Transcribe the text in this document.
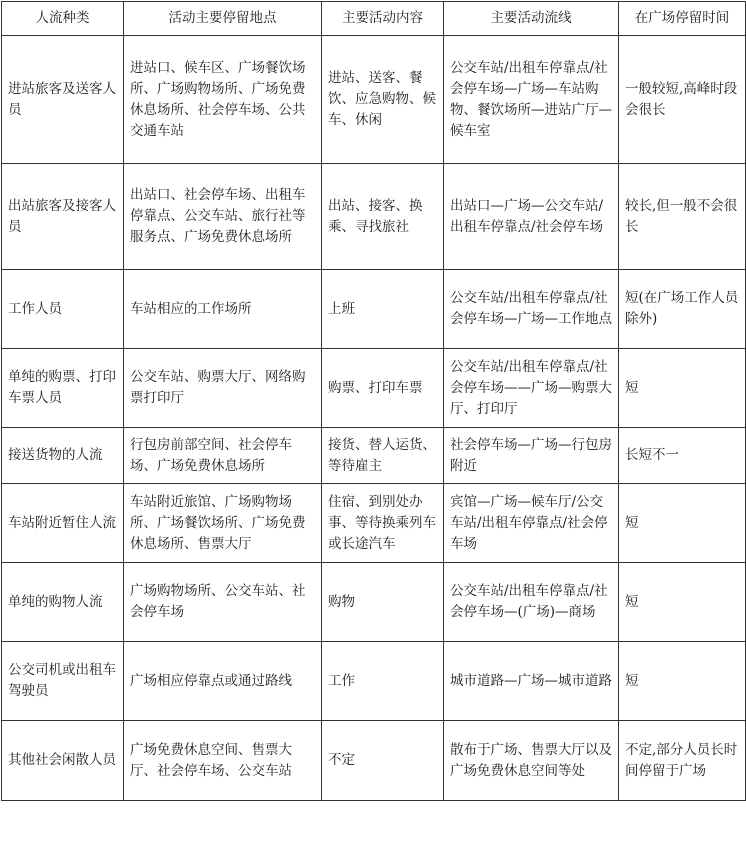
人流种类	活动主要停留地点	主要活动内容	主要活动流线	在广场停留时间
进站旅客及送客人员	进站口、候车区、广场餐饮场所、广场购物场所、广场免费休息场所、社会停车场、公共交通车站	进站、送客、餐饮、应急购物、候车、休闲	公交车站/出租车停靠点/社会停车场—广场—车站购物、餐饮场所—进站广厅—候车室	一般较短,高峰时段会很长
出站旅客及接客人员	出站口、社会停车场、出租车停靠点、公交车站、旅行社等服务点、广场免费休息场所	出站、接客、换乘、寻找旅社	出站口—广场—公交车站/出租车停靠点/社会停车场	较长,但一般不会很长
工作人员	车站相应的工作场所	上班	公交车站/出租车停靠点/社会停车场—广场—工作地点	短(在广场工作人员除外)
单纯的购票、打印车票人员	公交车站、购票大厅、网络购票打印厅	购票、打印车票	公交车站/出租车停靠点/社会停车场——广场—购票大厅、打印厅	短
接送货物的人流	行包房前部空间、社会停车场、广场免费休息场所	接货、替人运货、等待雇主	社会停车场—广场—行包房附近	长短不一
车站附近暂住人流	车站附近旅馆、广场购物场所、广场餐饮场所、广场免费休息场所、售票大厅	住宿、到别处办事、等待换乘列车或长途汽车	宾馆—广场—候车厅/公交车站/出租车停靠点/社会停车场	短
单纯的购物人流	广场购物场所、公交车站、社会停车场	购物	公交车站/出租车停靠点/社会停车场—(广场)—商场	短
公交司机或出租车驾驶员	广场相应停靠点或通过路线	工作	城市道路—广场—城市道路	短
其他社会闲散人员	广场免费休息空间、售票大厅、社会停车场、公交车站	不定	散布于广场、售票大厅以及广场免费休息空间等处	不定,部分人员长时间停留于广场
